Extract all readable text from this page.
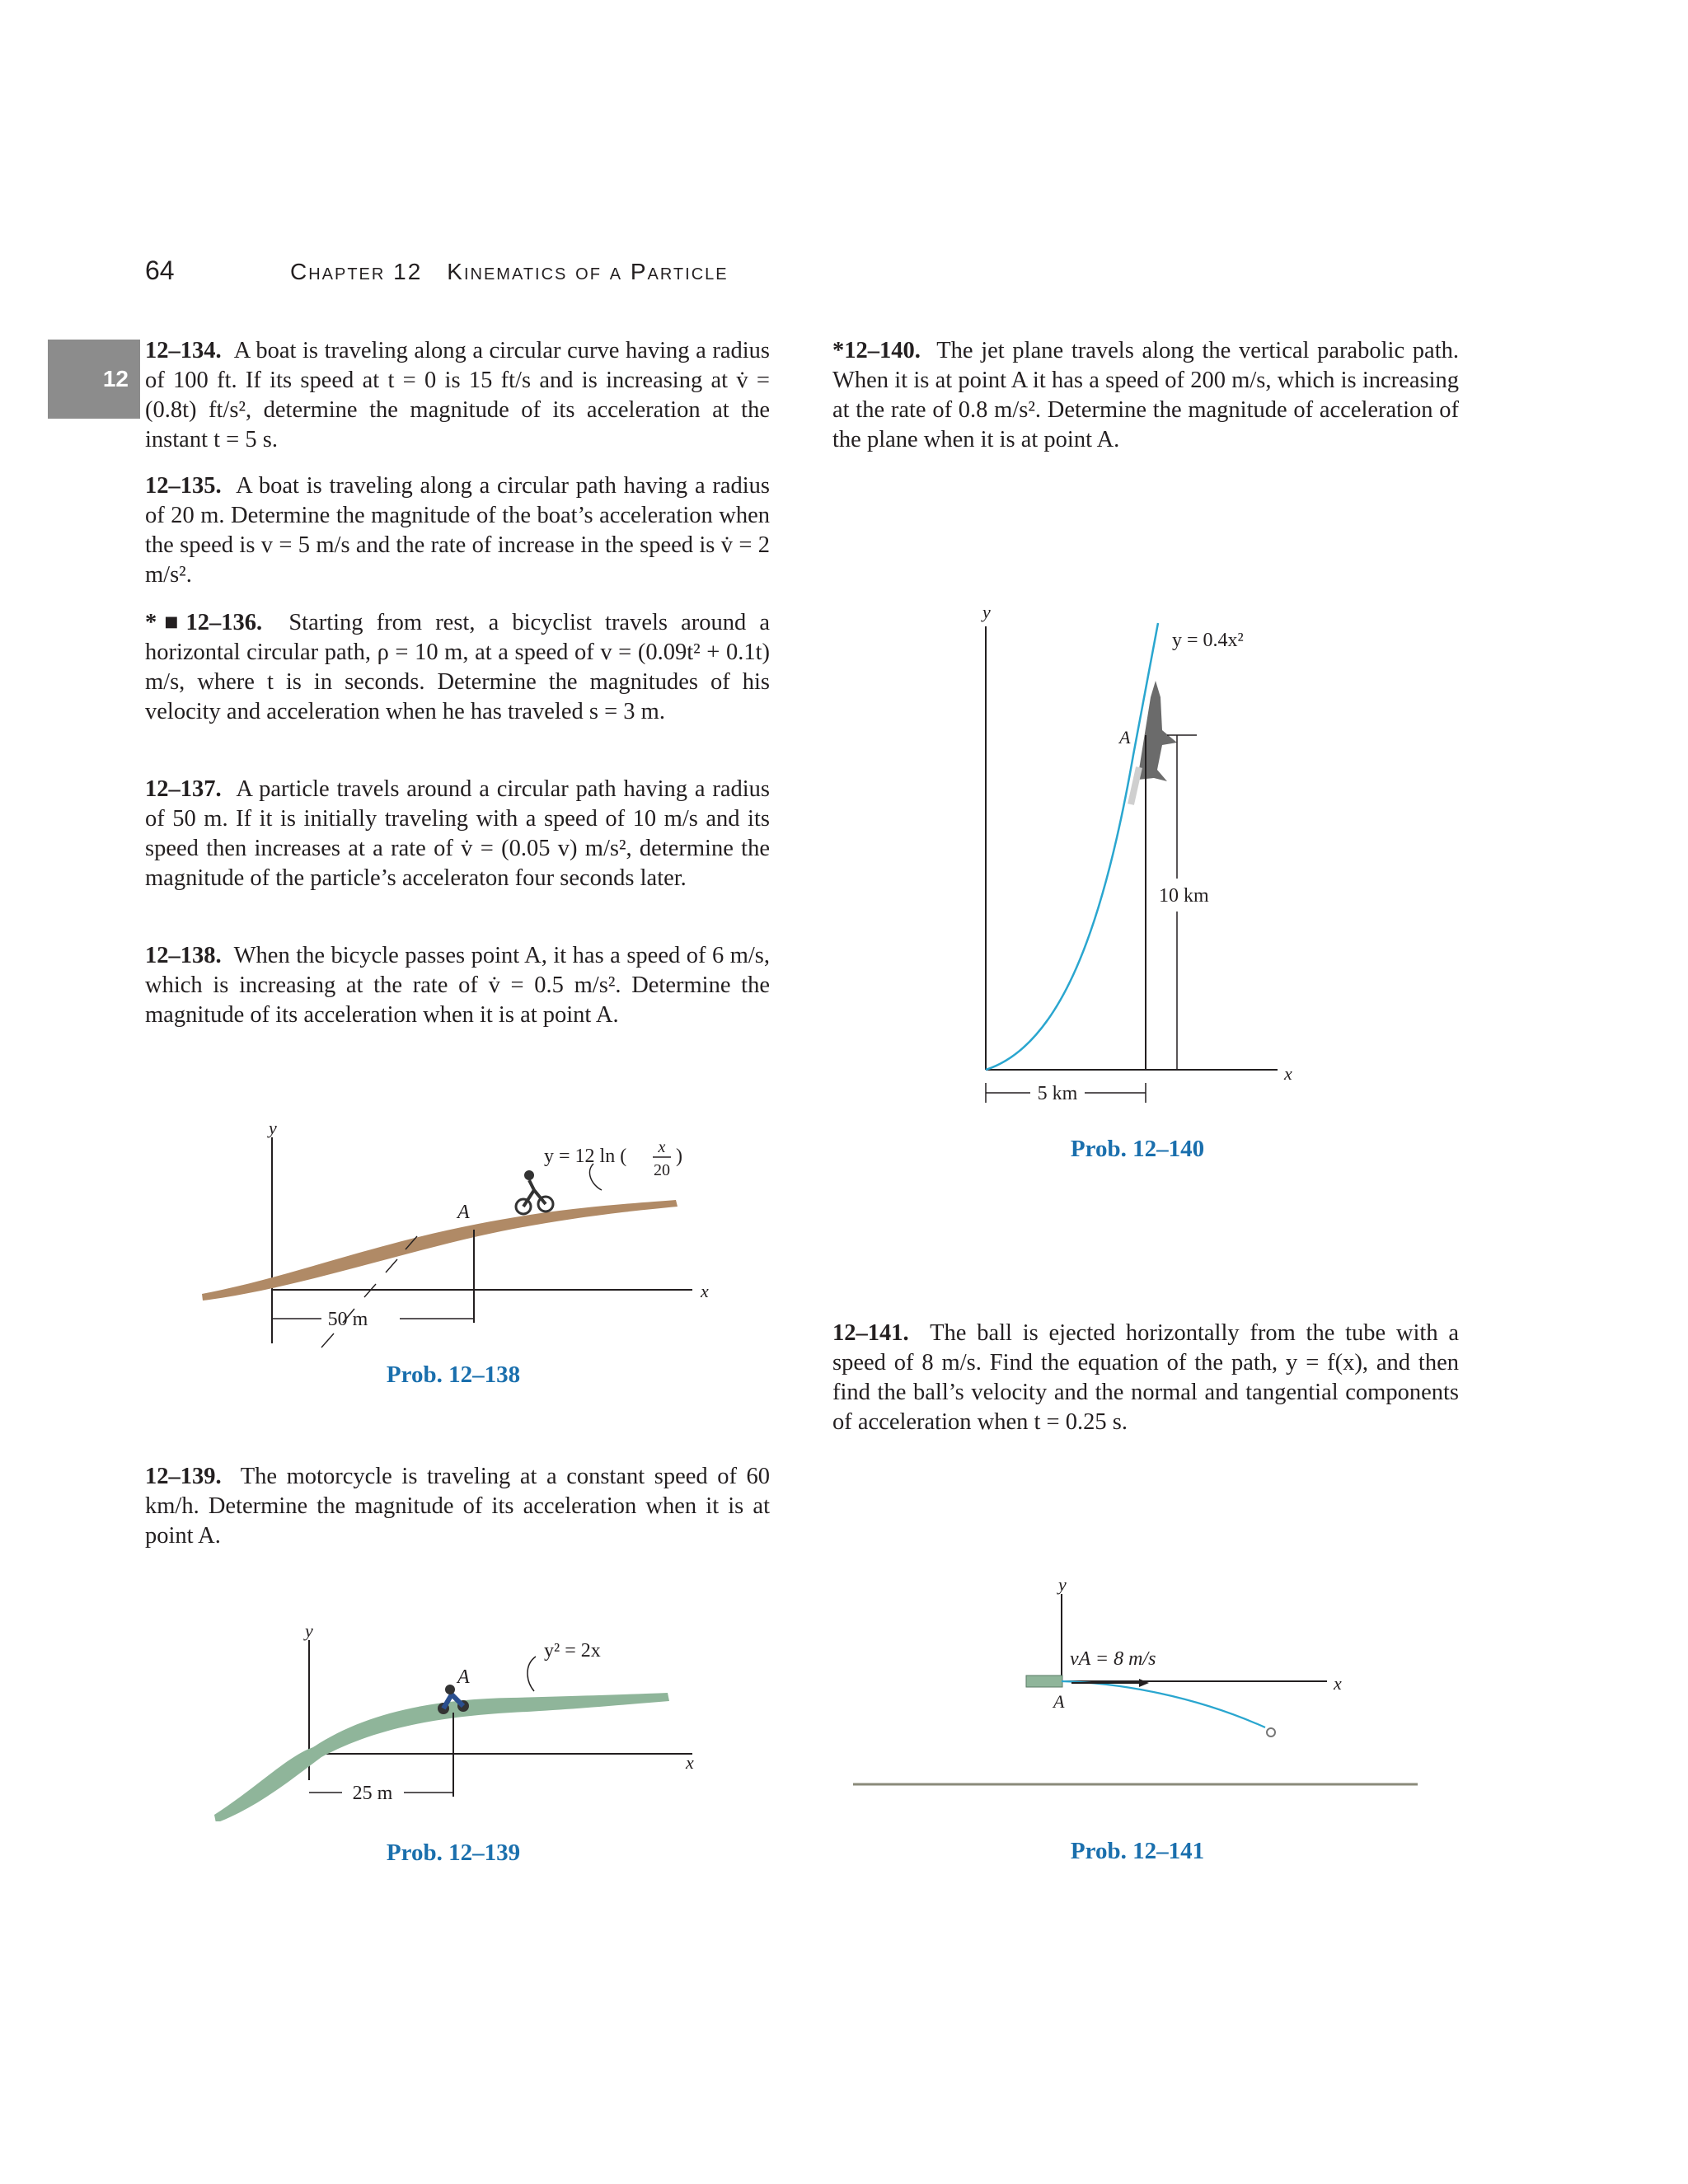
64	Chapter 12 Kinematics of a Particle
12
12–134. A boat is traveling along a circular curve having a radius of 100 ft. If its speed at t = 0 is 15 ft/s and is increasing at v̇ = (0.8t) ft/s², determine the magnitude of its acceleration at the instant t = 5 s.
12–135. A boat is traveling along a circular path having a radius of 20 m. Determine the magnitude of the boat’s acceleration when the speed is v = 5 m/s and the rate of increase in the speed is v̇ = 2 m/s².
*■12–136. Starting from rest, a bicyclist travels around a horizontal circular path, ρ = 10 m, at a speed of v = (0.09t² + 0.1t) m/s, where t is in seconds. Determine the magnitudes of his velocity and acceleration when he has traveled s = 3 m.
12–137. A particle travels around a circular path having a radius of 50 m. If it is initially traveling with a speed of 10 m/s and its speed then increases at a rate of v̇ = (0.05 v) m/s², determine the magnitude of the particle’s acceleraton four seconds later.
12–138. When the bicycle passes point A, it has a speed of 6 m/s, which is increasing at the rate of v̇ = 0.5 m/s². Determine the magnitude of its acceleration when it is at point A.
12–139. The motorcycle is traveling at a constant speed of 60 km/h. Determine the magnitude of its acceleration when it is at point A.
*12–140. The jet plane travels along the vertical parabolic path. When it is at point A it has a speed of 200 m/s, which is increasing at the rate of 0.8 m/s². Determine the magnitude of acceleration of the plane when it is at point A.
12–141. The ball is ejected horizontally from the tube with a speed of 8 m/s. Find the equation of the path, y = f(x), and then find the ball’s velocity and the normal and tangential components of acceleration when t = 0.25 s.
y
x
A
50 m
y = 12 ln ( x
20
)
Prob. 12–138
y
x
A
y² = 2x
25 m
Prob. 12–139
y
x
A
y = 0.4x²
10 km
5 km
Prob. 12–140
y
x
A
vA = 8 m/s
Prob. 12–141
